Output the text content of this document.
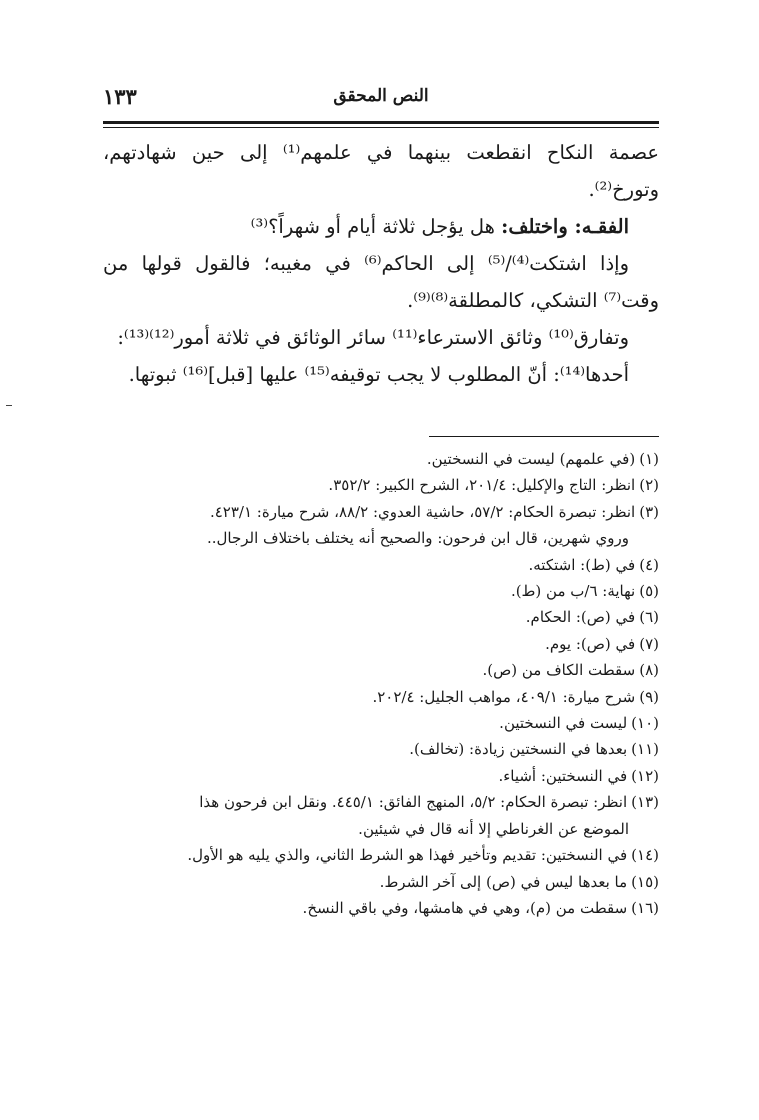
النص المحقق
١٣٣

عصمة النكاح انقطعت بينهما في علمهم⁽¹⁾ إلى حين شهادتهم، وتورخ⁽²⁾.

الفقـه: واختلف: هل يؤجل ثلاثة أيام أو شهراً؟⁽³⁾

وإذا اشتكت⁽⁴⁾/⁽⁵⁾ إلى الحاكم⁽⁶⁾ في مغيبه؛ فالقول قولها من وقت⁽⁷⁾ التشكي، كالمطلقة⁽⁸⁾⁽⁹⁾.

وتفارق⁽¹⁰⁾ وثائق الاسترعاء⁽¹¹⁾ سائر الوثائق في ثلاثة أمور⁽¹²⁾⁽¹³⁾:

أحدها⁽¹⁴⁾: أنّ المطلوب لا يجب توقيفه⁽¹⁵⁾ عليها [قبل]⁽¹⁶⁾ ثبوتها.

(١)(في علمهم) ليست في النسختين.

(٢)انظر: التاج والإكليل: ٢٠١/٤، الشرح الكبير: ٣٥٢/٢.

(٣)انظر: تبصرة الحكام: ٥٧/٢، حاشية العدوي: ٨٨/٢، شرح ميارة: ٤٢٣/١.

وروي شهرين، قال ابن فرحون: والصحيح أنه يختلف باختلاف الرجال..

(٤)في (ط): اشتكته.

(٥)نهاية: ٦/ب من (ط).

(٦)في (ص): الحكام.

(٧)في (ص): يوم.

(٨)سقطت الكاف من (ص).

(٩)شرح ميارة: ٤٠٩/١، مواهب الجليل: ٢٠٢/٤.

(١٠)ليست في النسختين.

(١١)بعدها في النسختين زيادة: (تخالف).

(١٢)في النسختين: أشياء.

(١٣)انظر: تبصرة الحكام: ٥/٢، المنهج الفائق: ٤٤٥/١. ونقل ابن فرحون هذا

الموضع عن الغرناطي إلا أنه قال في شيئين.

(١٤)في النسختين: تقديم وتأخير فهذا هو الشرط الثاني، والذي يليه هو الأول.

(١٥)ما بعدها ليس في (ص) إلى آخر الشرط.

(١٦)سقطت من (م)، وهي في هامشها، وفي باقي النسخ.
